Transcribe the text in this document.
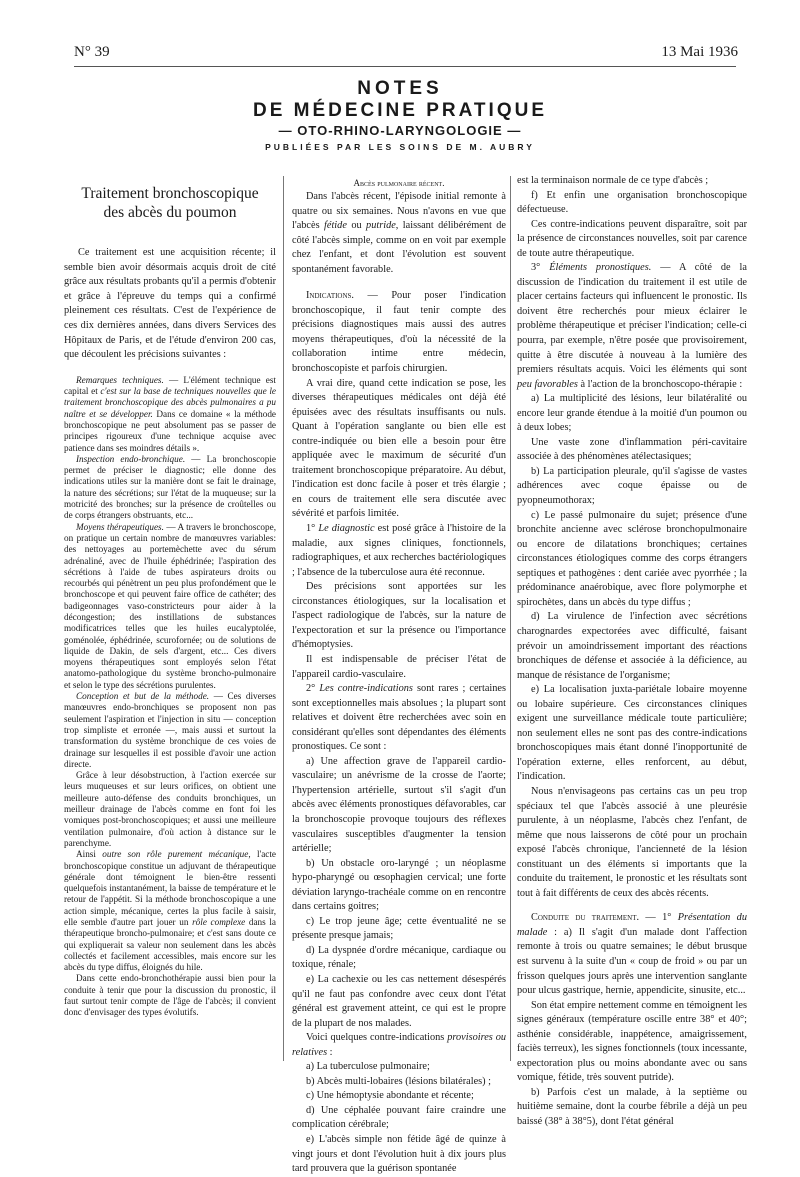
N° 39	13 Mai 1936
NOTES
DE MÉDECINE PRATIQUE
— OTO-RHINO-LARYNGOLOGIE —
PUBLIÉES PAR LES SOINS DE M. AUBRY
Traitement bronchoscopique
des abcès du poumon

Ce traitement est une acquisition récente; il semble bien avoir désormais acquis droit de cité grâce aux résultats probants qu'il a permis d'obtenir et grâce à l'épreuve du temps qui a confirmé pleinement ces résultats. C'est de l'expérience de ces dix dernières années, dans divers Services des Hôpitaux de Paris, et de l'étude d'environ 200 cas, que découlent les précisions suivantes :

Remarques techniques. — L'élément technique est capital et c'est sur la base de techniques nouvelles que le traitement bronchoscopique des abcès pulmonaires a pu naître et se développer. Dans ce domaine « la méthode bronchoscopique ne peut absolument pas se passer de principes rigoureux d'une technique acquise avec patience dans ses moindres détails ».

Inspection endo-bronchique. — La bronchoscopie permet de préciser le diagnostic; elle donne des indications utiles sur la manière dont se fait le drainage, la nature des sécrétions; sur l'état de la muqueuse; sur la motricité des bronches; sur la présence de croûtelles ou de corps étrangers obstruants, etc...

Moyens thérapeutiques. — A travers le bronchoscope, on pratique un certain nombre de manœuvres variables: des nettoyages au portemèchette avec du sérum adrénaliné, avec de l'huile éphédrinée; l'aspiration des sécrétions à l'aide de tubes aspirateurs droits ou recourbés qui pénètrent un peu plus profondément que le bronchoscope et qui peuvent faire office de cathéter; des badigeonnages vaso-constricteurs pour aider à la décongestion; des instillations de substances modificatrices telles que les huiles eucalyptolée, goménolée, éphédrinée, scurofornée; ou de solutions de liquide de Dakin, de sels d'argent, etc... Ces divers moyens thérapeutiques sont employés selon l'état anatomo-pathologique du système broncho-pulmonaire et selon le type des sécrétions purulentes.

Conception et but de la méthode. — Ces diverses manœuvres endo-bronchiques se proposent non pas seulement l'aspiration et l'injection in situ — conception trop simpliste et erronée —, mais aussi et surtout la transformation du système bronchique de ces voies de drainage sur lesquelles il est possible d'avoir une action directe.

Grâce à leur désobstruction, à l'action exercée sur leurs muqueuses et sur leurs orifices, on obtient une meilleure auto-défense des conduits bronchiques, un meilleur drainage de l'abcès comme en font foi les vomiques post-bronchoscopiques; et aussi une meilleure ventilation pulmonaire, d'où action à distance sur le parenchyme.

Ainsi outre son rôle purement mécanique, l'acte bronchoscopique constitue un adjuvant de thérapeutique générale dont témoignent le bien-être ressenti quelquefois instantanément, la baisse de température et le retour de l'appétit. Si la méthode bronchoscopique a une action simple, mécanique, certes la plus facile à saisir, elle semble d'autre part jouer un rôle complexe dans la thérapeutique broncho-pulmonaire; et c'est sans doute ce qui expliquerait sa valeur non seulement dans les abcès collectés et facilement accessibles, mais encore sur les abcès du type diffus, éloignés du hile.

Dans cette endo-bronchothérapie aussi bien pour la conduite à tenir que pour la discussion du pronostic, il faut surtout tenir compte de l'âge de l'abcès; il convient donc d'envisager des types évolutifs.

Abcès pulmonaire récent.

Dans l'abcès récent, l'épisode initial remonte à quatre ou six semaines. Nous n'avons en vue que l'abcès fétide ou putride, laissant délibérément de côté l'abcès simple, comme on en voit par exemple chez l'enfant, et dont l'évolution est souvent spontanément favorable.

Indications. — Pour poser l'indication bronchoscopique, il faut tenir compte des précisions diagnostiques mais aussi des autres moyens thérapeutiques, d'où la nécessité de la collaboration intime entre médecin, bronchoscopiste et parfois chirurgien.

A vrai dire, quand cette indication se pose, les diverses thérapeutiques médicales ont déjà été épuisées avec des résultats insuffisants ou nuls. Quant à l'opération sanglante ou bien elle est contre-indiquée ou bien elle a besoin pour être appliquée avec le maximum de sécurité d'un traitement bronchoscopique préparatoire. Au début, l'indication est donc facile à poser et très élargie ; en cours de traitement elle sera discutée avec sévérité et parfois limitée.

1° Le diagnostic est posé grâce à l'histoire de la maladie, aux signes cliniques, fonctionnels, radiographiques, et aux recherches bactériologiques ; l'absence de la tuberculose aura été reconnue.

Des précisions sont apportées sur les circonstances étiologiques, sur la localisation et l'aspect radiologique de l'abcès, sur la nature de l'expectoration et sur la présence ou l'importance d'hémoptysies.

Il est indispensable de préciser l'état de l'appareil cardio-vasculaire.

2° Les contre-indications sont rares ; certaines sont exceptionnelles mais absolues ; la plupart sont relatives et doivent être recherchées avec soin en considérant qu'elles sont dépendantes des éléments pronostiques. Ce sont :

a) Une affection grave de l'appareil cardio-vasculaire; un anévrisme de la crosse de l'aorte; l'hypertension artérielle, surtout s'il s'agit d'un abcès avec éléments pronostiques défavorables, car la bronchoscopie provoque toujours des réflexes vasculaires susceptibles d'augmenter la tension artérielle;

b) Un obstacle oro-laryngé ; un néoplasme hypo-pharyngé ou œsophagien cervical; une forte déviation laryngo-trachéale comme on en rencontre dans certains goitres;

c) Le trop jeune âge; cette éventualité ne se présente presque jamais;

d) La dyspnée d'ordre mécanique, cardiaque ou toxique, rénale;

e) La cachexie ou les cas nettement désespérés qu'il ne faut pas confondre avec ceux dont l'état général est gravement atteint, ce qui est le propre de la plupart de nos malades.

Voici quelques contre-indications provisoires ou relatives :

a) La tuberculose pulmonaire;

b) Abcès multi-lobaires (lésions bilatérales) ;

c) Une hémoptysie abondante et récente;

d) Une céphalée pouvant faire craindre une complication cérébrale;

e) L'abcès simple non fétide âgé de quinze à vingt jours et dont l'évolution huit à dix jours plus tard prouvera que la guérison spontanée

est la terminaison normale de ce type d'abcès ;

f) Et enfin une organisation bronchoscopique défectueuse.

Ces contre-indications peuvent disparaître, soit par la présence de circonstances nouvelles, soit par carence de toute autre thérapeutique.

3° Éléments pronostiques. — A côté de la discussion de l'indication du traitement il est utile de placer certains facteurs qui influencent le pronostic. Ils doivent être recherchés pour mieux éclairer le problème thérapeutique et préciser l'indication; celle-ci pourra, par exemple, n'être posée que provisoirement, quitte à être discutée à nouveau à la lumière des premiers résultats acquis. Voici les éléments qui sont peu favorables à l'action de la bronchoscopo-thérapie :

a) La multiplicité des lésions, leur bilatéralité ou encore leur grande étendue à la moitié d'un poumon ou à deux lobes;

Une vaste zone d'inflammation péri-cavitaire associée à des phénomènes atélectasiques;

b) La participation pleurale, qu'il s'agisse de vastes adhérences avec coque épaisse ou de pyopneumothorax;

c) Le passé pulmonaire du sujet; présence d'une bronchite ancienne avec sclérose bronchopulmonaire ou encore de dilatations bronchiques; certaines circonstances étiologiques comme des corps étrangers septiques et pathogènes : dent cariée avec pyorrhée ; la prédominance anaérobique, avec flore polymorphe et spirochètes, dans un abcès du type diffus ;

d) La virulence de l'infection avec sécrétions charognardes expectorées avec difficulté, faisant prévoir un amoindrissement important des réactions bronchiques de défense et associée à la déficience, au manque de résistance de l'organisme;

e) La localisation juxta-pariétale lobaire moyenne ou lobaire supérieure. Ces circonstances cliniques exigent une surveillance médicale toute particulière; non seulement elles ne sont pas des contre-indications bronchoscopiques mais étant donné l'inopportunité de l'opération externe, elles renforcent, au début, l'indication.

Nous n'envisageons pas certains cas un peu trop spéciaux tel que l'abcès associé à une pleurésie purulente, à un néoplasme, l'abcès chez l'enfant, de même que nous laisserons de côté pour un prochain exposé l'abcès chronique, l'ancienneté de la lésion constituant un des éléments si importants que la conduite du traitement, le pronostic et les résultats sont tout à fait différents de ceux des abcès récents.

Conduite du traitement. — 1° Présentation du malade : a) Il s'agit d'un malade dont l'affection remonte à trois ou quatre semaines; le début brusque est survenu à la suite d'un « coup de froid » ou par un frisson quelques jours après une intervention sanglante pour ulcus gastrique, hernie, appendicite, sinusite, etc...

Son état empire nettement comme en témoignent les signes généraux (température oscille entre 38° et 40°; asthénie considérable, inappétence, amaigrissement, faciès terreux), les signes fonctionnels (toux incessante, expectoration plus ou moins abondante avec ou sans vomique, fétide, très souvent putride).

b) Parfois c'est un malade, à la septième ou huitième semaine, dont la courbe fébrile a déjà un peu baissé (38° à 38°5), dont l'état général
